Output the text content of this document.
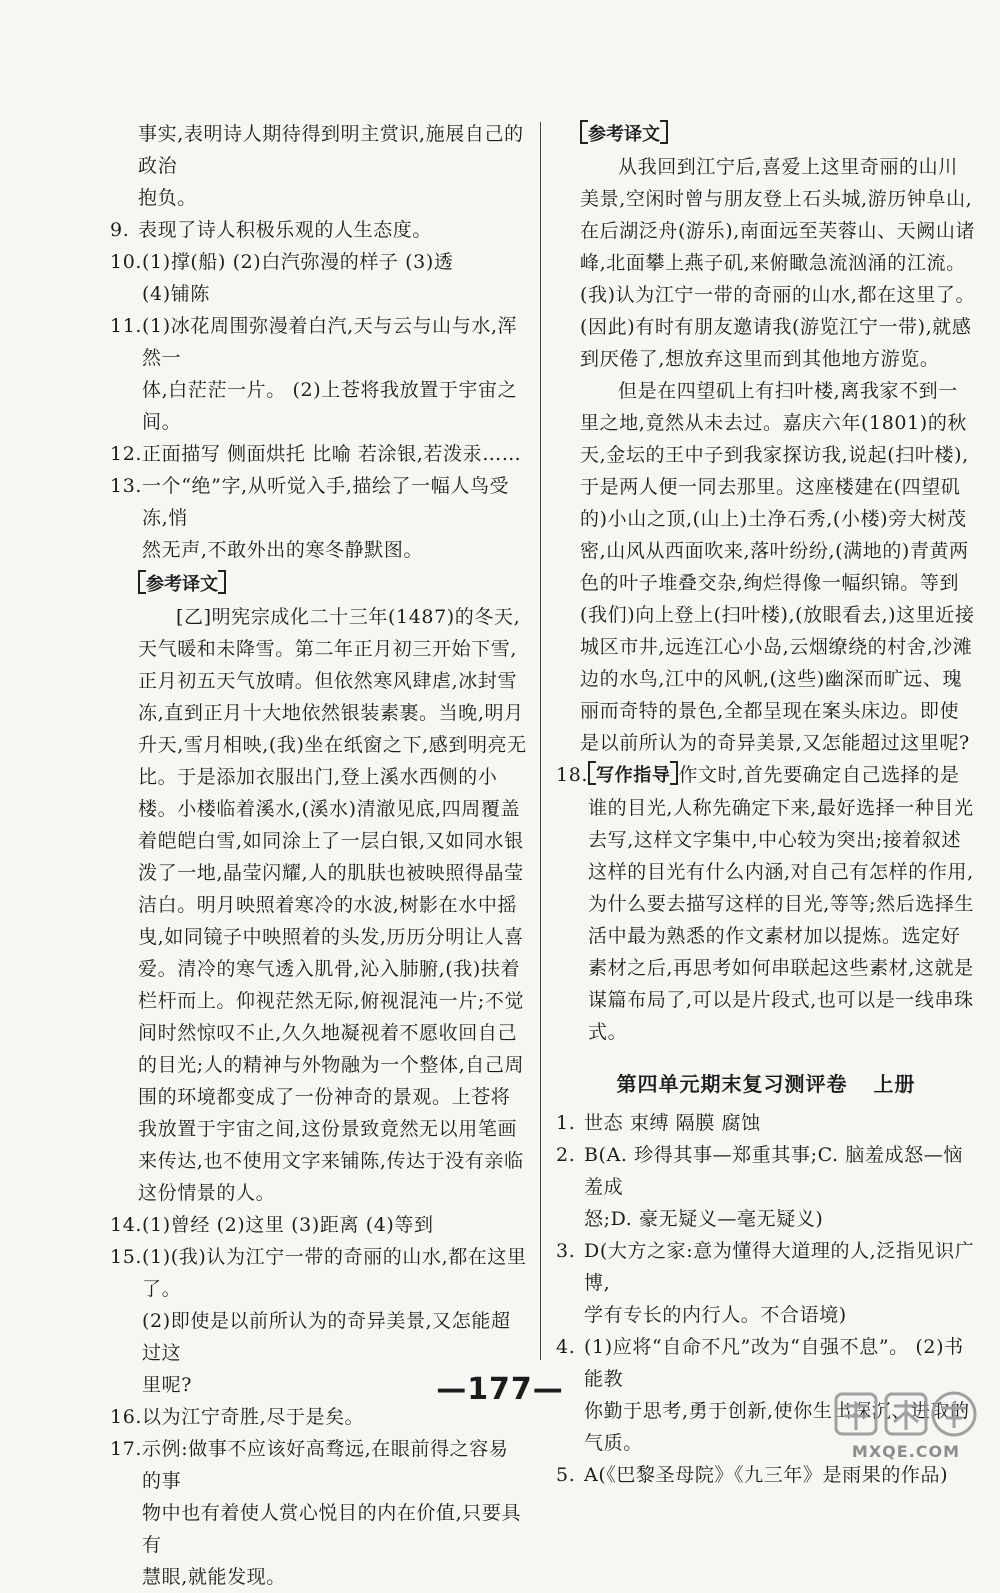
事实,表明诗人期待得到明主赏识,施展自己的政治
抱负。
9. 表现了诗人积极乐观的人生态度。
10. (1)撑(船) (2)白汽弥漫的样子 (3)透
(4)铺陈
11. (1)冰花周围弥漫着白汽,天与云与山与水,浑然一
体,白茫茫一片。 (2)上苍将我放置于宇宙之间。
12. 正面描写 侧面烘托 比喻 若涂银,若泼汞……
13. 一个“绝”字,从听觉入手,描绘了一幅人鸟受冻,悄
然无声,不敢外出的寒冬静默图。
参考译文

[乙]明宪宗成化二十三年(1487)的冬天,天气暖和未降雪。第二年正月初三开始下雪,正月初五天气放晴。但依然寒风肆虐,冰封雪冻,直到正月十大地依然银装素裹。当晚,明月升天,雪月相映,(我)坐在纸窗之下,感到明亮无比。于是添加衣服出门,登上溪水西侧的小楼。小楼临着溪水,(溪水)清澈见底,四周覆盖着皑皑白雪,如同涂上了一层白银,又如同水银泼了一地,晶莹闪耀,人的肌肤也被映照得晶莹洁白。明月映照着寒冷的水波,树影在水中摇曳,如同镜子中映照着的头发,历历分明让人喜爱。清冷的寒气透入肌骨,沁入肺腑,(我)扶着栏杆而上。仰视茫然无际,俯视混沌一片;不觉间时然惊叹不止,久久地凝视着不愿收回自己的目光;人的精神与外物融为一个整体,自己周围的环境都变成了一份神奇的景观。上苍将我放置于宇宙之间,这份景致竟然无以用笔画来传达,也不使用文字来铺陈,传达于没有亲临这份情景的人。

14. (1)曾经 (2)这里 (3)距离 (4)等到
15. (1)(我)认为江宁一带的奇丽的山水,都在这里了。
(2)即使是以前所认为的奇异美景,又怎能超过这
里呢?
16. 以为江宁奇胜,尽于是矣。
17. 示例:做事不应该好高骛远,在眼前得之容易的事
物中也有着使人赏心悦目的内在价值,只要具有
慧眼,就能发现。
参考译文

从我回到江宁后,喜爱上这里奇丽的山川美景,空闲时曾与朋友登上石头城,游历钟阜山,在后湖泛舟(游乐),南面远至芙蓉山、天阙山诸峰,北面攀上燕子矶,来俯瞰急流汹涌的江流。(我)认为江宁一带的奇丽的山水,都在这里了。(因此)有时有朋友邀请我(游览江宁一带),就感到厌倦了,想放弃这里而到其他地方游览。

但是在四望矶上有扫叶楼,离我家不到一里之地,竟然从未去过。嘉庆六年(1801)的秋天,金坛的王中子到我家探访我,说起(扫叶楼),于是两人便一同去那里。这座楼建在(四望矶的)小山之顶,(山上)土净石秀,(小楼)旁大树茂密,山风从西面吹来,落叶纷纷,(满地的)青黄两色的叶子堆叠交杂,绚烂得像一幅织锦。等到(我们)向上登上(扫叶楼),(放眼看去,)这里近接城区市井,远连江心小岛,云烟缭绕的村舍,沙滩边的水鸟,江中的风帆,(这些)幽深而旷远、瑰丽而奇特的景色,全都呈现在案头床边。即使是以前所认为的奇异美景,又怎能超过这里呢?

18. 写作指导 作文时,首先要确定自己选择的是谁的目光,人称先确定下来,最好选择一种目光去写,这样文字集中,中心较为突出;接着叙述这样的目光有什么内涵,对自己有怎样的作用,为什么要去描写这样的目光,等等;然后选择生活中最为熟悉的作文素材加以提炼。选定好素材之后,再思考如何串联起这些素材,这就是谋篇布局了,可以是片段式,也可以是一线串珠式。
第四单元期末复习测评卷 上册
1. 世态 束缚 隔膜 腐蚀
2. B(A. 珍得其事—郑重其事;C. 脑羞成怒—恼羞成
怒;D. 豪无疑义—毫无疑义)
3. D(大方之家:意为懂得大道理的人,泛指见识广博,
学有专长的内行人。不合语境)
4. (1)应将“自命不凡”改为“自强不息”。 (2)书能教
你勤于思考,勇于创新,使你生出深沉、进取的气质。
5. A(《巴黎圣母院》《九三年》是雨果的作品)
—177—
MXQE.COM
